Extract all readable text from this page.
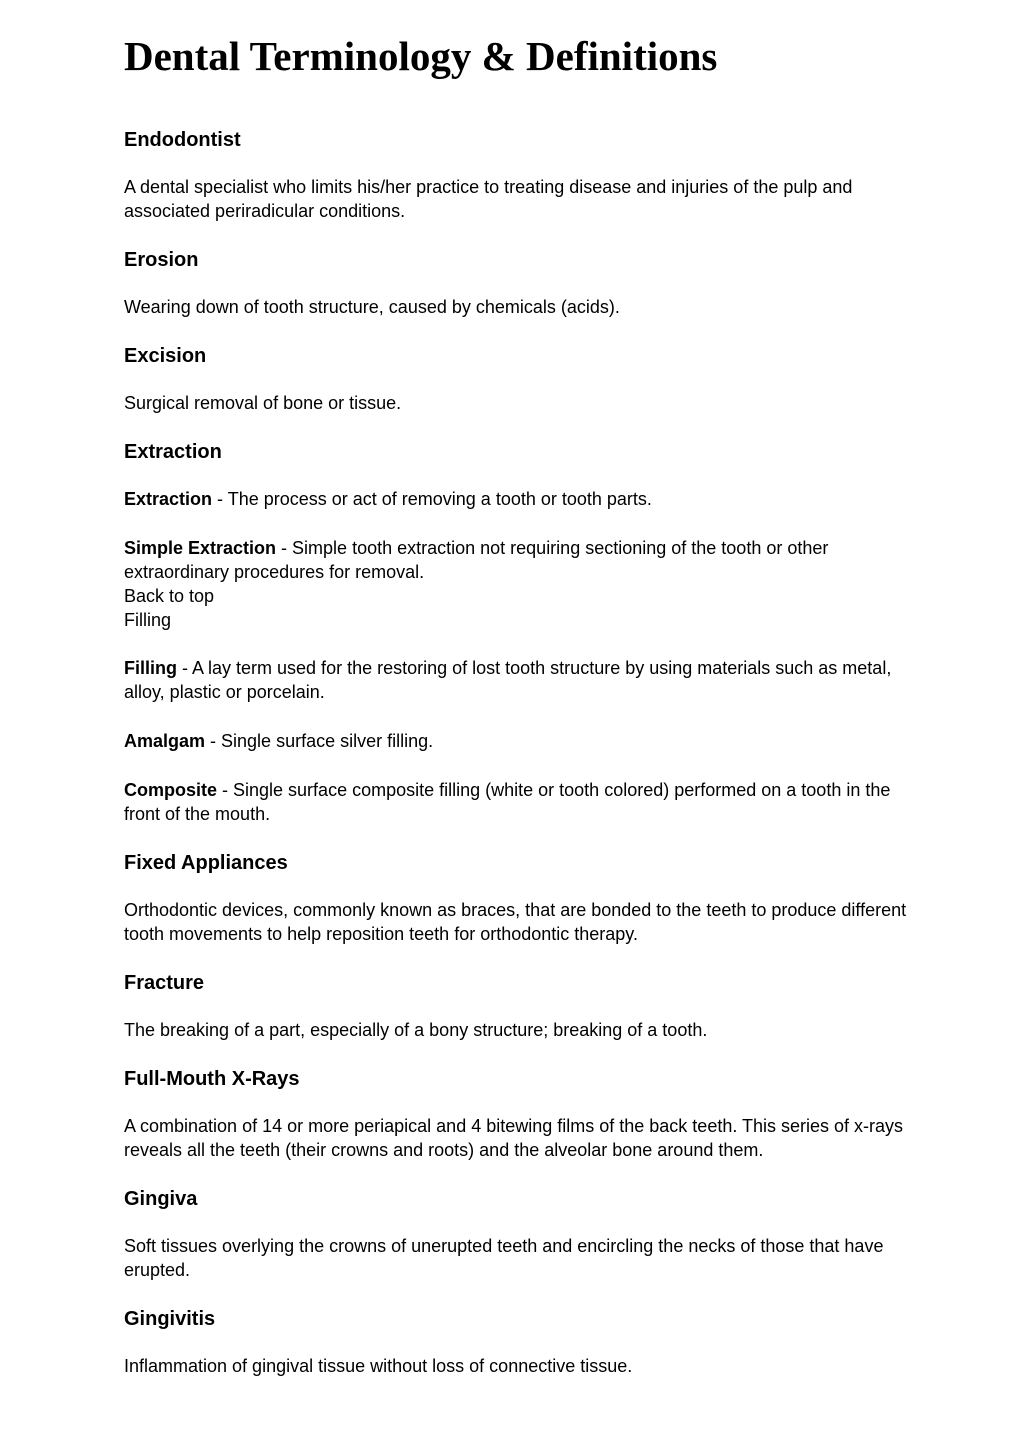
Dental Terminology & Definitions
Endodontist

A dental specialist who limits his/her practice to treating disease and injuries of the pulp and associated periradicular conditions.

Erosion

Wearing down of tooth structure, caused by chemicals (acids).

Excision

Surgical removal of bone or tissue.

Extraction

Extraction - The process or act of removing a tooth or tooth parts.

Simple Extraction - Simple tooth extraction not requiring sectioning of the tooth or other extraordinary procedures for removal.

Back to top
Filling

Filling - A lay term used for the restoring of lost tooth structure by using materials such as metal, alloy, plastic or porcelain.

Amalgam - Single surface silver filling.

Composite - Single surface composite filling (white or tooth colored) performed on a tooth in the front of the mouth.

Fixed Appliances

Orthodontic devices, commonly known as braces, that are bonded to the teeth to produce different tooth movements to help reposition teeth for orthodontic therapy.

Fracture

The breaking of a part, especially of a bony structure; breaking of a tooth.

Full-Mouth X-Rays

A combination of 14 or more periapical and 4 bitewing films of the back teeth. This series of x-rays reveals all the teeth (their crowns and roots) and the alveolar bone around them.

Gingiva

Soft tissues overlying the crowns of unerupted teeth and encircling the necks of those that have erupted.

Gingivitis

Inflammation of gingival tissue without loss of connective tissue.
